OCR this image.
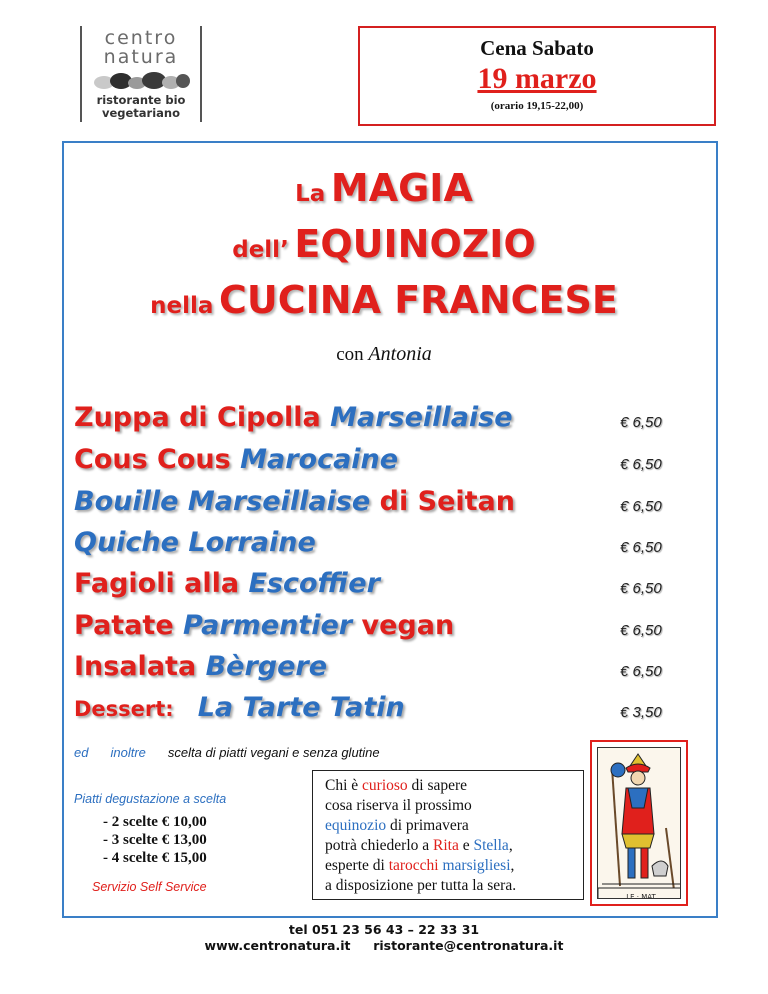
centro
natura
ristorante bio
vegetariano
Cena Sabato
19 marzo
(orario 19,15-22,00)
La MAGIA
dell’ EQUINOZIO
nella CUCINA FRANCESE
con Antonia
Zuppa di Cipolla Marseillaise	€ 6,50
Cous Cous Marocaine	€ 6,50
Bouille Marseillaise di Seitan	€ 6,50
Quiche Lorraine	€ 6,50
Fagioli alla Escoffier	€ 6,50
Patate Parmentier vegan	€ 6,50
Insalata Bèrgere	€ 6,50
Dessert: La Tarte Tatin	€ 3,50
ed inoltre scelta di piatti vegani e senza glutine
Piatti degustazione a scelta
- 2 scelte € 10,00
- 3 scelte € 13,00
- 4 scelte € 15,00
Servizio Self Service
Chi è curioso di sapere
cosa riserva il prossimo
equinozio di primavera
potrà chiederlo a Rita e Stella,
esperte di tarocchi marsigliesi,
a disposizione per tutta la sera.
LE · MAT
tel 051 23 56 43 – 22 33 31
www.centronatura.it ristorante@centronatura.it
